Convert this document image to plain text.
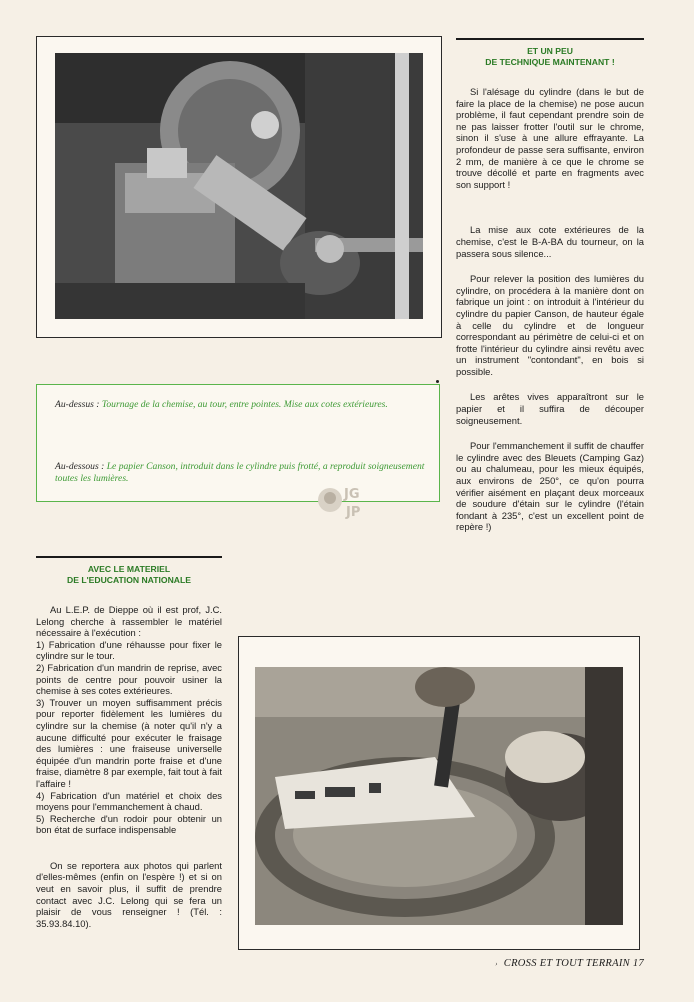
ET UN PEU
DE TECHNIQUE MAINTENANT !

Si l'alésage du cylindre (dans le but de faire la place de la chemise) ne pose aucun problème, il faut cependant prendre soin de ne pas laisser frotter l'outil sur le chrome, sinon il s'use à une allure effrayante. La profondeur de passe sera suffisante, environ 2 mm, de manière à ce que le chrome se trouve décollé et parte en fragments avec son support !

La mise aux cote extérieures de la chemise, c'est le B-A-BA du tourneur, on la passera sous silence...

Pour relever la position des lumières du cylindre, on procédera à la manière dont on fabrique un joint : on introduit à l'intérieur du cylindre du papier Canson, de hauteur égale à celle du cylindre et de longueur correspondant au périmètre de celui-ci et on frotte l'intérieur du cylindre ainsi revêtu avec un instrument "contondant", en bois si possible.

Les arêtes vives apparaîtront sur le papier et il suffira de découper soigneusement.

Pour l'emmanchement il suffit de chauffer le cylindre avec des Bleuets (Camping Gaz) ou au chalumeau, pour les mieux équipés, aux environs de 250°, ce qu'on pourra vérifier aisément en plaçant deux morceaux de soudure d'étain sur le cylindre (l'étain fondant à 235°, c'est un excellent point de repère !)

Au-dessus : Tournage de la chemise, au tour, entre pointes. Mise aux cotes extérieures.
Au-dessous : Le papier Canson, introduit dans le cylindre puis frotté, a reproduit soigneusement toutes les lumières.
JG
JP
AVEC LE MATERIEL
DE L'EDUCATION NATIONALE

Au L.E.P. de Dieppe où il est prof, J.C. Lelong cherche à rassembler le matériel nécessaire à l'exécution :

1) Fabrication d'une réhausse pour fixer le cylindre sur le tour.

2) Fabrication d'un mandrin de reprise, avec points de centre pour pouvoir usiner la chemise à ses cotes extérieures.

3) Trouver un moyen suffisamment précis pour reporter fidèlement les lumières du cylindre sur la chemise (à noter qu'il n'y a aucune difficulté pour exécuter le fraisage des lumières : une fraiseuse universelle équipée d'un mandrin porte fraise et d'une fraise, diamètre 8 par exemple, fait tout à fait l'affaire !

4) Fabrication d'un matériel et choix des moyens pour l'emmanchement à chaud.

5) Recherche d'un rodoir pour obtenir un bon état de surface indispensable

On se reportera aux photos qui parlent d'elles-mêmes (enfin on l'espère !) et si on veut en savoir plus, il suffit de prendre contact avec J.C. Lelong qui se fera un plaisir de vous renseigner ! (Tél. : 35.93.84.10).

› CROSS ET TOUT TERRAIN 17
